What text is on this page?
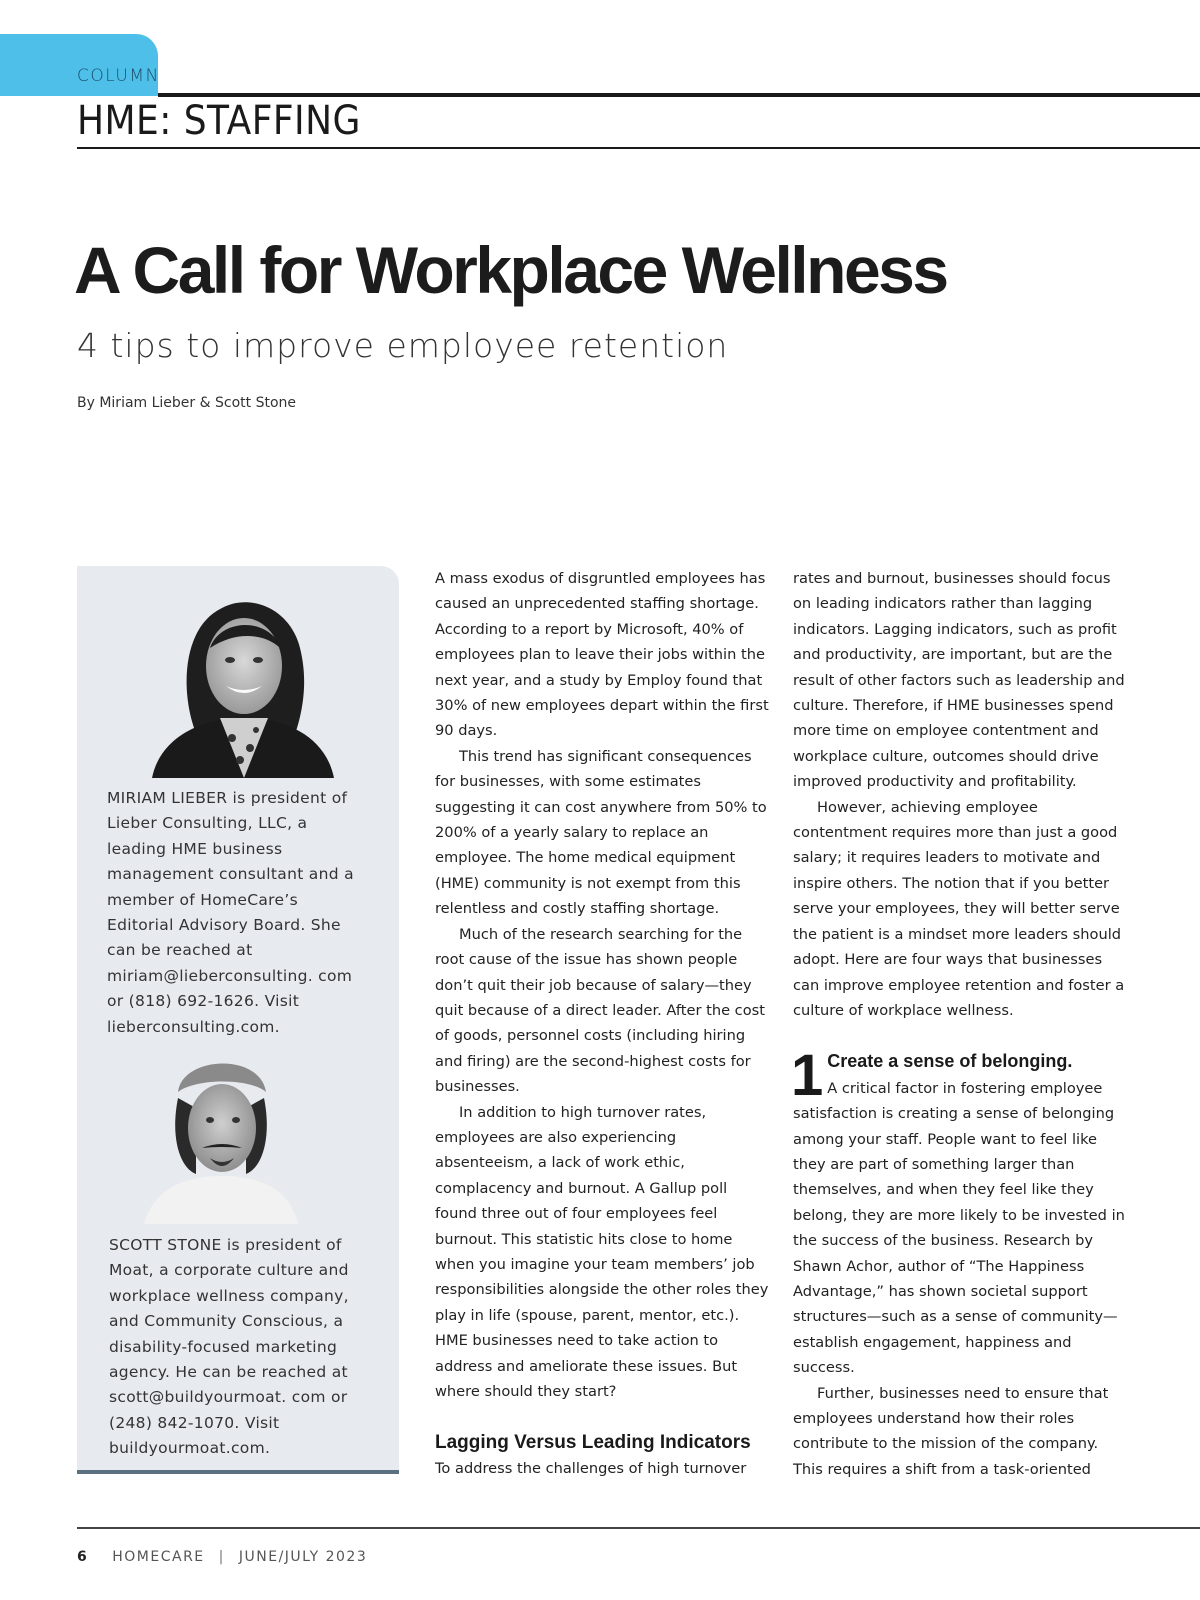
COLUMN
HME: STAFFING
A Call for Workplace Wellness
4 tips to improve employee retention
By Miriam Lieber & Scott Stone
MIRIAM LIEBER is president of Lieber Consulting, LLC, a leading HME business management consultant and a member of HomeCare’s Editorial Advisory Board. She can be reached at miriam@lieberconsulting. com or (818) 692-1626. Visit lieberconsulting.com.
SCOTT STONE is president of Moat, a corporate culture and workplace wellness company, and Community Conscious, a disability-focused marketing agency. He can be reached at scott@buildyourmoat. com or (248) 842-1070. Visit buildyourmoat.com.

A mass exodus of disgruntled employees has caused an unprecedented staffing shortage. According to a report by Microsoft, 40% of employees plan to leave their jobs within the next year, and a study by Employ found that 30% of new employees depart within the first 90 days.

This trend has significant consequences for businesses, with some estimates suggesting it can cost anywhere from 50% to 200% of a yearly salary to replace an employee. The home medical equipment (HME) community is not exempt from this relentless and costly staffing shortage.

Much of the research searching for the root cause of the issue has shown people don’t quit their job because of salary—they quit because of a direct leader. After the cost of goods, personnel costs (including hiring and firing) are the second-highest costs for businesses.

In addition to high turnover rates, employees are also experiencing absenteeism, a lack of work ethic, complacency and burnout. A Gallup poll found three out of four employees feel burnout. This statistic hits close to home when you imagine your team members’ job responsibilities alongside the other roles they play in life (spouse, parent, mentor, etc.). HME businesses need to take action to address and ameliorate these issues. But where should they start?

Lagging Versus Leading Indicators

To address the challenges of high turnover

rates and burnout, businesses should focus on leading indicators rather than lagging indicators. Lagging indicators, such as profit and productivity, are important, but are the result of other factors such as leadership and culture. Therefore, if HME businesses spend more time on employee contentment and workplace culture, outcomes should drive improved productivity and profitability.

However, achieving employee contentment requires more than just a good salary; it requires leaders to motivate and inspire others. The notion that if you better serve your employees, they will better serve the patient is a mindset more leaders should adopt. Here are four ways that businesses can improve employee retention and foster a culture of workplace wellness.

1 Create a sense of belonging.
A critical factor in fostering employee satisfaction is creating a sense of belonging among your staff. People want to feel like they are part of something larger than themselves, and when they feel like they belong, they are more likely to be invested in the success of the business. Research by Shawn Achor, author of “The Happiness Advantage,” has shown societal support structures—such as a sense of community—establish engagement, happiness and success.

Further, businesses need to ensure that employees understand how their roles contribute to the mission of the company. This requires a shift from a task-oriented

6 HOMECARE | JUNE/JULY 2023
